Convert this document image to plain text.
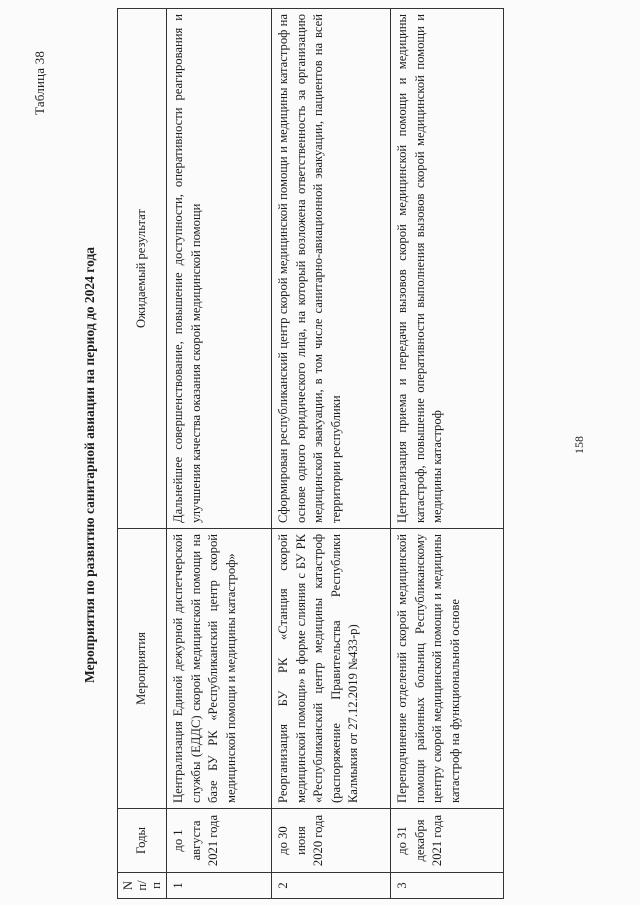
Таблица 38
Мероприятия по развитию санитарной авиации на период до 2024 года
N п/п	Годы	Мероприятия	Ожидаемый результат
1	до 1 августа 2021 года	Централизация Единой дежурной диспетчерской службы (ЕДДС) скорой медицинской помощи на базе БУ РК «Республиканский центр скорой медицинской помощи и медицины катастроф»	Дальнейшее совершенствование, повышение доступности, оперативности реагирования и улучшения качества оказания скорой медицинской помощи
2	до 30 июня 2020 года	Реорганизация БУ РК «Станция скорой медицинской помощи» в форме слияния с БУ РК «Республиканский центр медицины катастроф (распоряжение Правительства Республики Калмыкия от 27.12.2019 №433-р)	Сформирован республиканский центр скорой медицинской помощи и медицины катастроф на основе одного юридического лица, на который возложена ответственность за организацию медицинской эвакуации, в том числе санитарно-авиационной эвакуации, пациентов на всей территории республики
3	до 31 декабря 2021 года	Переподчинение отделений скорой медицинской помощи районных больниц Республиканскому центру скорой медицинской помощи и медицины катастроф на функциональной основе	Централизация приема и передачи вызовов скорой медицинской помощи и медицины катастроф, повышение оперативности выполнения вызовов скорой медицинской помощи и медицины катастроф	158
